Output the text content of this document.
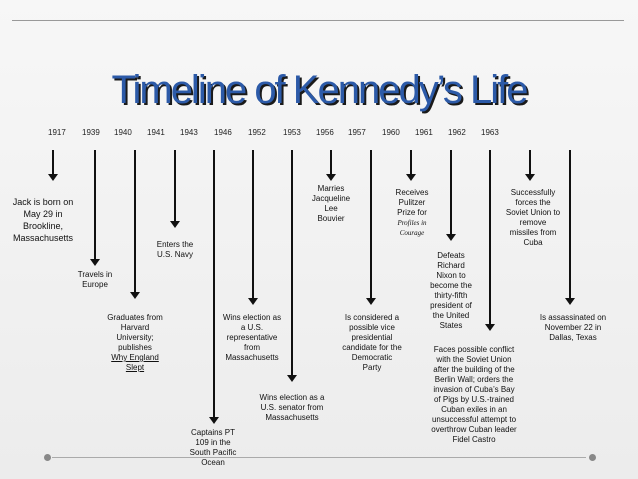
Timeline of Kennedy’s Life
1917 1939 1940 1941 1943 1946 1952 1953 1956 1957 1960 1961 1962 1963
Jack is born on
May 29 in
Brookline,
Massachusetts
Travels in
Europe
Graduates from
Harvard
University;
publishes
Why England
Slept
Enters the
U.S. Navy
Captains PT
109 in the
South Pacific
Ocean
Wins election as
a U.S.
representative
from
Massachusetts
Wins election as a
U.S. senator from
Massachusetts
Marries
Jacqueline
Lee
Bouvier
Is considered a
possible vice
presidential
candidate for the
Democratic
Party
Receives
Pulitzer
Prize for
Profiles in
Courage
Defeats
Richard
Nixon to
become the
thirty-fifth
president of
the United
States
Faces possible conflict
with the Soviet Union
after the building of the
Berlin Wall; orders the
invasion of Cuba’s Bay
of Pigs by U.S.-trained
Cuban exiles in an
unsuccessful attempt to
overthrow Cuban leader
Fidel Castro
Successfully
forces the
Soviet Union to
remove
missiles from
Cuba
Is assassinated on
November 22 in
Dallas, Texas
